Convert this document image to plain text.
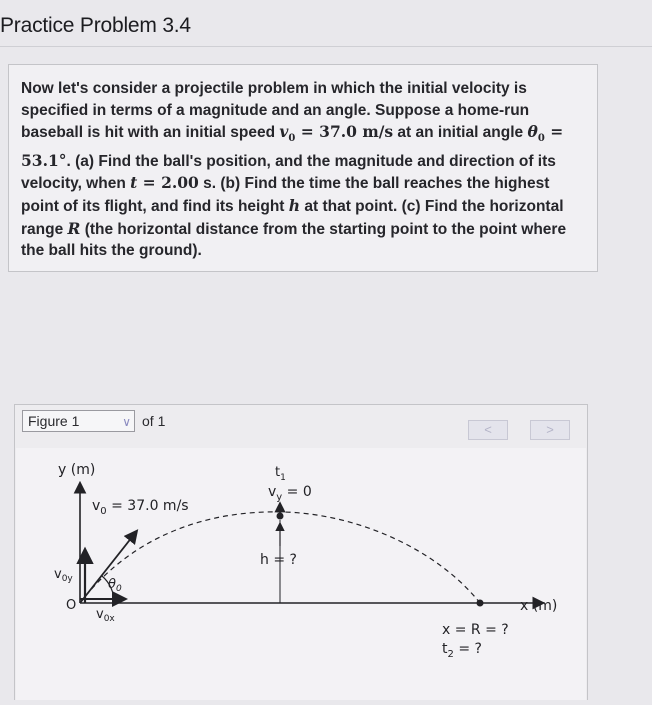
Practice Problem 3.4
Now let's consider a projectile problem in which the initial velocity is specified in terms of a magnitude and an angle. Suppose a home-run baseball is hit with an initial speed $v_0 = 37.0$ m/s at an initial angle $\theta_0 = 53.1^\circ$. (a) Find the ball's position, and the magnitude and direction of its velocity, when t = 2.00 s. (b) Find the time the ball reaches the highest point of its flight, and find its height h at that point. (c) Find the horizontal range R (the horizontal distance from the starting point to the point where the ball hits the ground).
Figure 1	∨ of 1
<	>
y (m)
$v_0 = 37.0$ m/s
$v_{0y}$	$\theta_0$
O
$v_{0x}$
$t_1$
$v_y = 0$
h = ?
x (m)
x = R = ?
$t_2$ = ?
